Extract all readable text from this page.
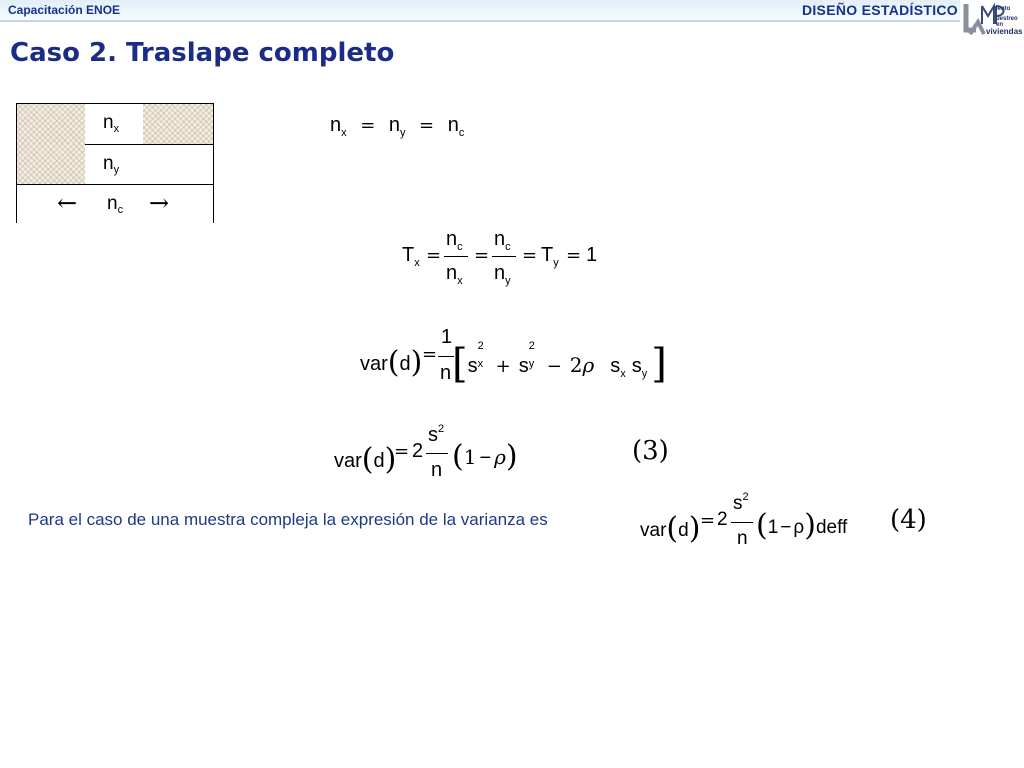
Capacitación ENOE	DISEÑO ESTADÍSTICO	iento
uestreo en
viviendas
Caso 2. Traslape completo
$n_x$
$n_y$
← $n_c$ →
$n_x = n_y = n_c$
$T_x$ =
$n_c$
$n_x$
=
$n_c$
$n_y$
= $T_y = 1$
var(d) =
1
n [s
2
x + s
2
y − 2ρ $s_x$ $s_y$ ]
var(d)
= 2
$s^2$
n (1 − ρ)	(3)
Para el caso de una muestra compleja la expresión de la varianza es
var(d) = 2
$s^2$
n (1 − ρ)deff (4)
